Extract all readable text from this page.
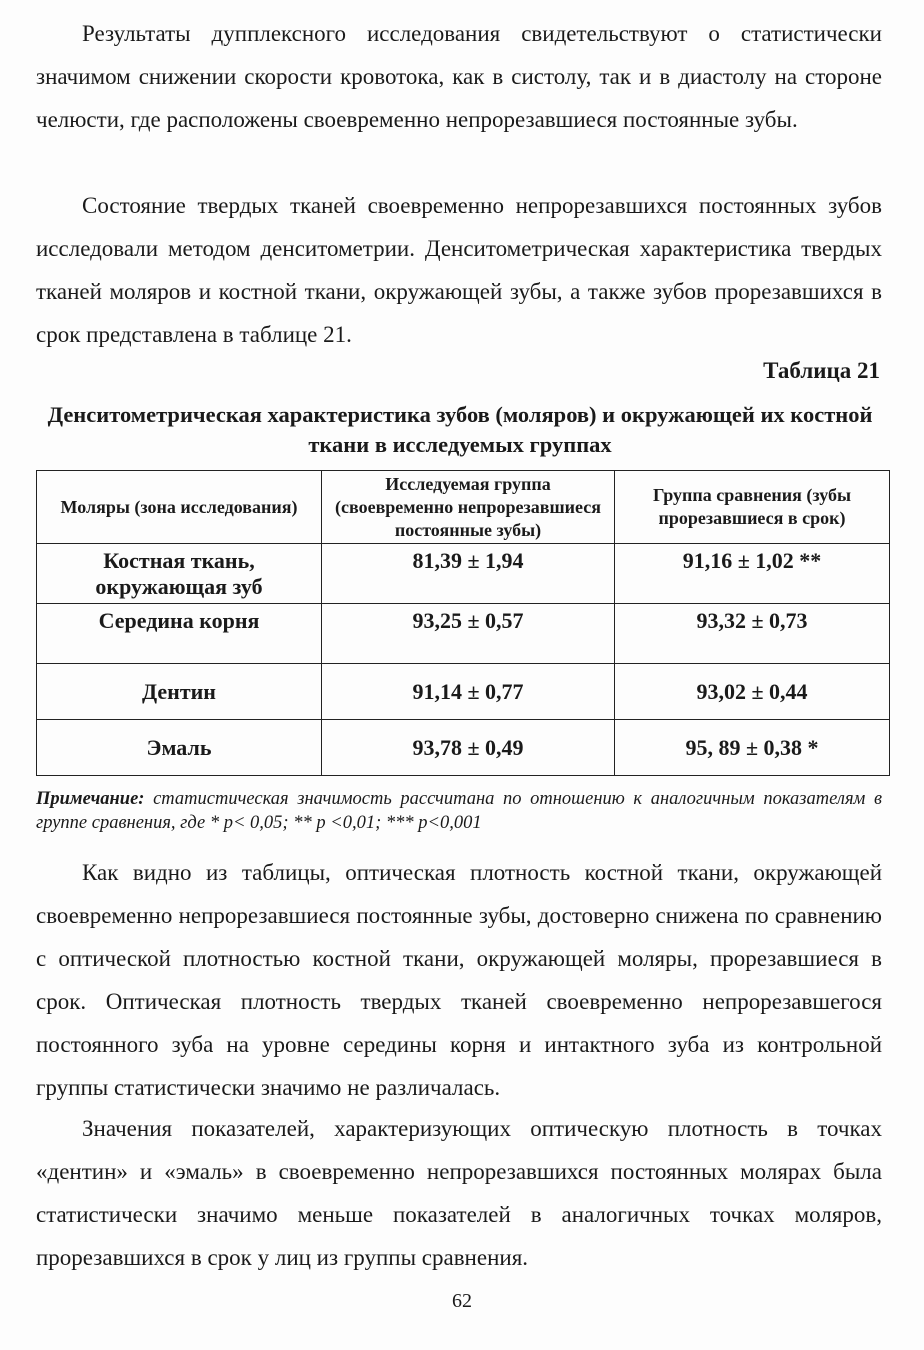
Результаты дупплексного исследования свидетельствуют о статистически значимом снижении скорости кровотока, как в систолу, так и в диастолу на стороне челюсти, где расположены своевременно непрорезавшиеся постоянные зубы.

Состояние твердых тканей своевременно непрорезавшихся постоянных зубов исследовали методом денситометрии. Денситометрическая характеристика твердых тканей моляров и костной ткани, окружающей зубы, а также зубов прорезавшихся в срок представлена в таблице 21.

Таблица 21

Денситометрическая характеристика зубов (моляров) и окружающей их костной ткани в исследуемых группах

Моляры (зона исследования)	Исследуемая группа (своевременно непрорезавшиеся постоянные зубы)	Группа сравнения (зубы прорезавшиеся в срок)
Костная ткань, окружающая зуб	81,39 ± 1,94	91,16 ± 1,02 **
Середина корня	93,25 ± 0,57	93,32 ± 0,73
Дентин	91,14 ± 0,77	93,02 ± 0,44
Эмаль	93,78 ± 0,49	95, 89 ± 0,38 *

Примечание: статистическая значимость рассчитана по отношению к аналогичным показателям в группе сравнения, где * p< 0,05; ** p <0,01; *** p<0,001

Как видно из таблицы, оптическая плотность костной ткани, окружающей своевременно непрорезавшиеся постоянные зубы, достоверно снижена по сравнению с оптической плотностью костной ткани, окружающей моляры, прорезавшиеся в срок. Оптическая плотность твердых тканей своевременно непрорезавшегося постоянного зуба на уровне середины корня и интактного зуба из контрольной группы статистически значимо не различалась.

Значения показателей, характеризующих оптическую плотность в точках «дентин» и «эмаль» в своевременно непрорезавшихся постоянных молярах была статистически значимо меньше показателей в аналогичных точках моляров, прорезавшихся в срок у лиц из группы сравнения.

62
